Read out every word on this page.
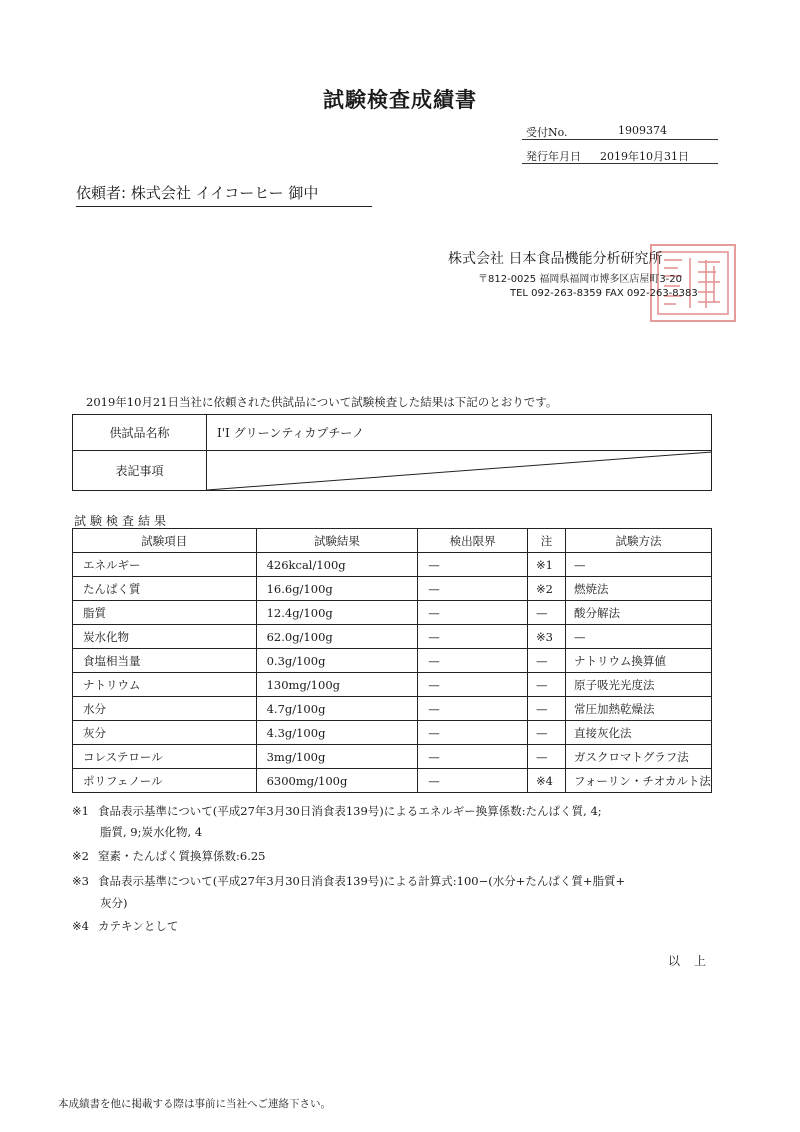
試験検査成績書
受付No.	1909374
発行年月日 2019年10月31日
依頼者: 株式会社 イイコーヒー 御中
株式会社 日本食品機能分析研究所
〒812-0025 福岡県福岡市博多区店屋町3-20
TEL 092-263-8359 FAX 092-263-8383
2019年10月21日当社に依頼された供試品について試験検査した結果は下記のとおりです。
供試品名称	I'I グリーンティカプチーノ
表記事項	
試験検査結果
試験項目	試験結果	検出限界	注	試験方法
エネルギー	426kcal/100g	—	※1	—
たんぱく質	16.6g/100g	—	※2	燃焼法
脂質	12.4g/100g	—	—	酸分解法
炭水化物	62.0g/100g	—	※3	—
食塩相当量	0.3g/100g	—	—	ナトリウム換算値
ナトリウム	130mg/100g	—	—	原子吸光光度法
水分	4.7g/100g	—	—	常圧加熱乾燥法
灰分	4.3g/100g	—	—	直接灰化法
コレステロール	3mg/100g	—	—	ガスクロマトグラフ法
ポリフェノール	6300mg/100g	—	※4	フォーリン・チオカルト法
※1 食品表示基準について(平成27年3月30日消食表139号)によるエネルギー換算係数:たんぱく質, 4;
脂質, 9;炭水化物, 4
※2 窒素・たんぱく質換算係数:6.25
※3 食品表示基準について(平成27年3月30日消食表139号)による計算式:100−(水分+たんぱく質+脂質+
灰分)
※4 カテキンとして
以上
本成績書を他に掲載する際は事前に当社へご連絡下さい。
